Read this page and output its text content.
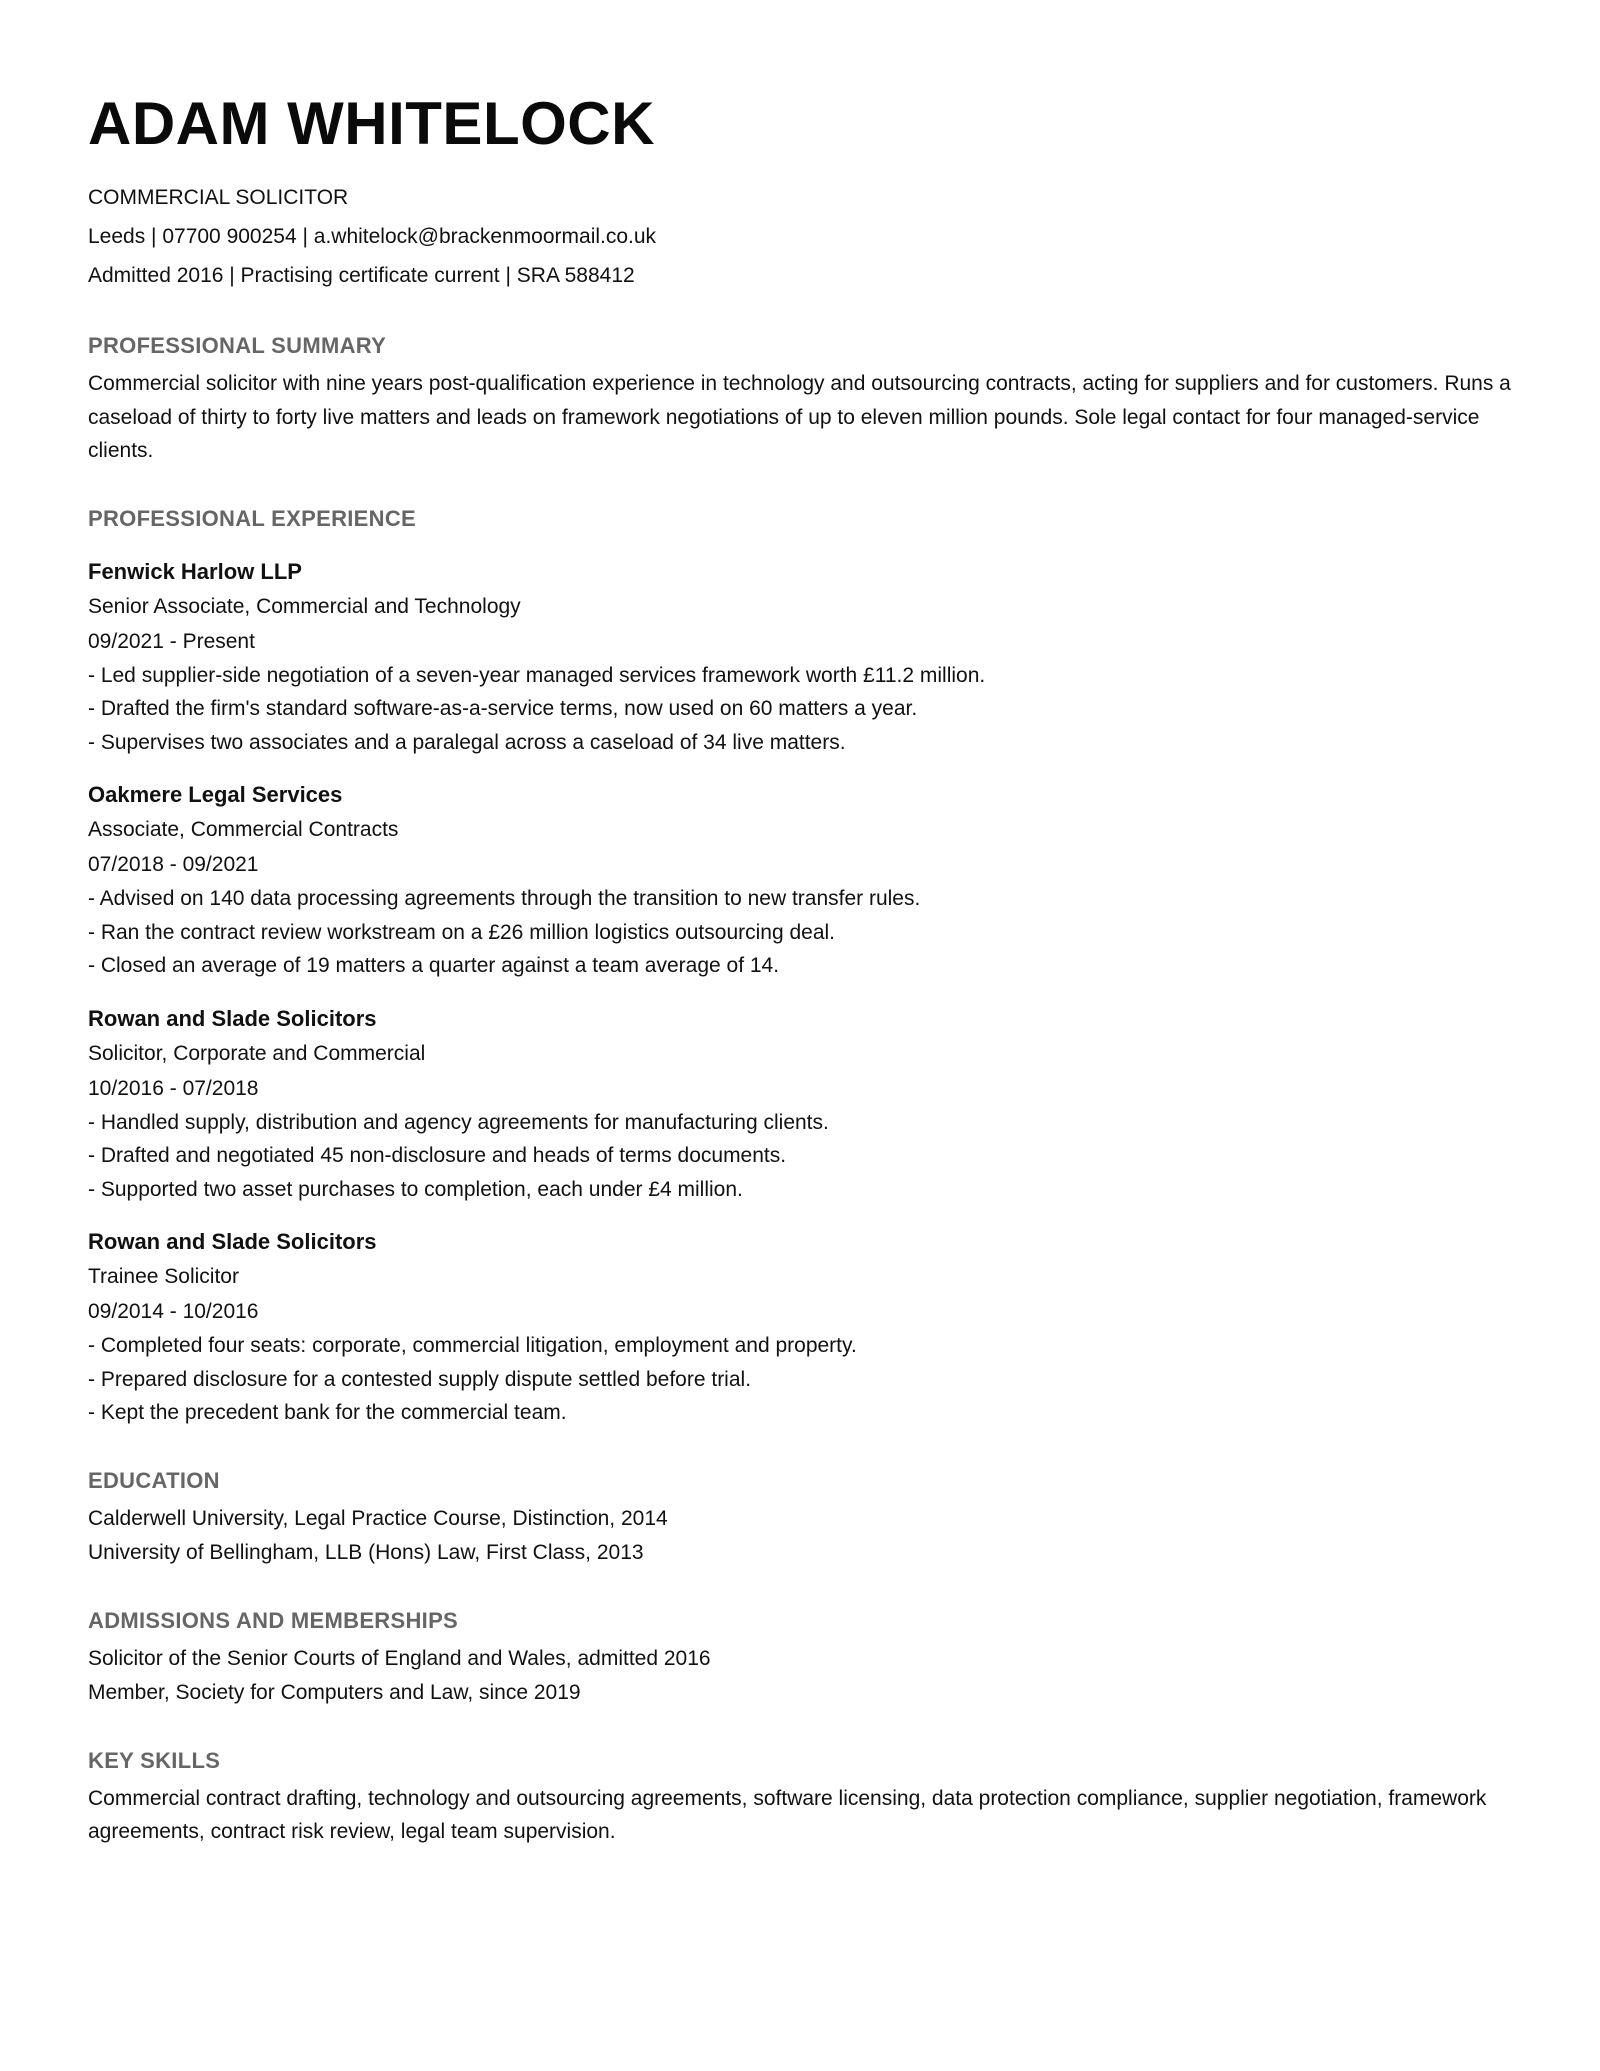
ADAM WHITELOCK

COMMERCIAL SOLICITOR

Leeds | 07700 900254 | a.whitelock@brackenmoormail.co.uk

Admitted 2016 | Practising certificate current | SRA 588412

PROFESSIONAL SUMMARY

Commercial solicitor with nine years post-qualification experience in technology and outsourcing contracts, acting for suppliers and for customers. Runs a caseload of thirty to forty live matters and leads on framework negotiations of up to eleven million pounds. Sole legal contact for four managed-service clients.

PROFESSIONAL EXPERIENCE

Fenwick Harlow LLP

Senior Associate, Commercial and Technology

09/2021 - Present

- Led supplier-side negotiation of a seven-year managed services framework worth £11.2 million.
- Drafted the firm's standard software-as-a-service terms, now used on 60 matters a year.
- Supervises two associates and a paralegal across a caseload of 34 live matters.

Oakmere Legal Services

Associate, Commercial Contracts

07/2018 - 09/2021

- Advised on 140 data processing agreements through the transition to new transfer rules.
- Ran the contract review workstream on a £26 million logistics outsourcing deal.
- Closed an average of 19 matters a quarter against a team average of 14.

Rowan and Slade Solicitors

Solicitor, Corporate and Commercial

10/2016 - 07/2018

- Handled supply, distribution and agency agreements for manufacturing clients.
- Drafted and negotiated 45 non-disclosure and heads of terms documents.
- Supported two asset purchases to completion, each under £4 million.

Rowan and Slade Solicitors

Trainee Solicitor

09/2014 - 10/2016

- Completed four seats: corporate, commercial litigation, employment and property.
- Prepared disclosure for a contested supply dispute settled before trial.
- Kept the precedent bank for the commercial team.
EDUCATION
Calderwell University, Legal Practice Course, Distinction, 2014
University of Bellingham, LLB (Hons) Law, First Class, 2013
ADMISSIONS AND MEMBERSHIPS
Solicitor of the Senior Courts of England and Wales, admitted 2016
Member, Society for Computers and Law, since 2019
KEY SKILLS

Commercial contract drafting, technology and outsourcing agreements, software licensing, data protection compliance, supplier negotiation, framework agreements, contract risk review, legal team supervision.
